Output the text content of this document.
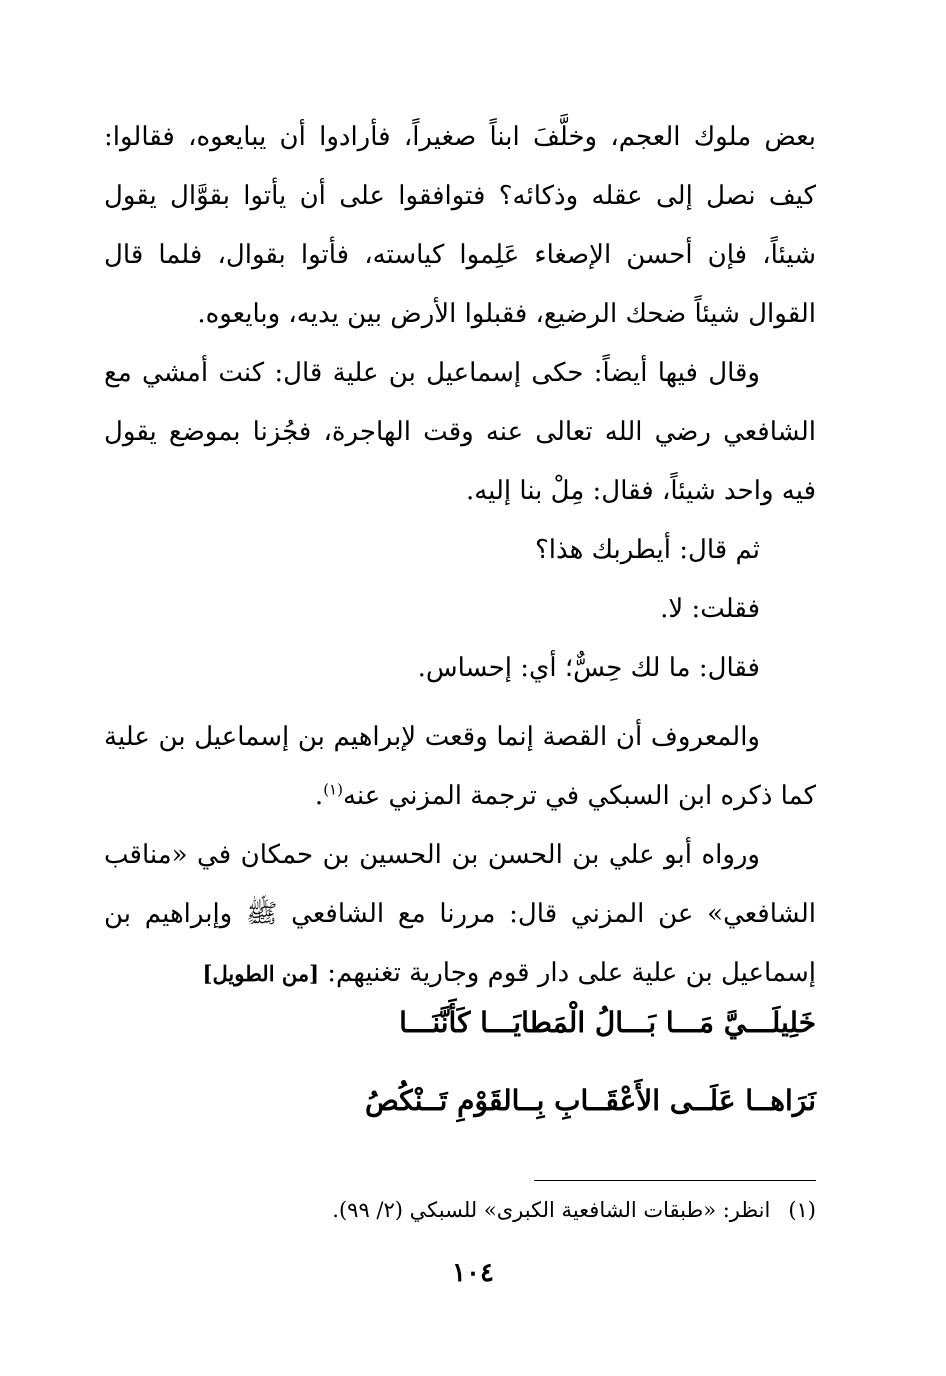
بعض ملوك العجم، وخلَّفَ ابناً صغيراً، فأرادوا أن يبايعوه، فقالوا: كيف نصل إلى عقله وذكائه؟ فتوافقوا على أن يأتوا بقوَّال يقول شيئاً، فإن أحسن الإصغاء عَلِموا كياسته، فأتوا بقوال، فلما قال القوال شيئاً ضحك الرضيع، فقبلوا الأرض بين يديه، وبايعوه.

وقال فيها أيضاً: حكى إسماعيل بن علية قال: كنت أمشي مع الشافعي رضي الله تعالى عنه وقت الهاجرة، فجُزنا بموضع يقول فيه واحد شيئاً، فقال: مِلْ بنا إليه.

ثم قال: أيطربك هذا؟

فقلت: لا.

فقال: ما لك حِسٌّ؛ أي: إحساس.

والمعروف أن القصة إنما وقعت لإبراهيم بن إسماعيل بن علية كما ذكره ابن السبكي في ترجمة المزني عنه$^{(١)}$.

ورواه أبو علي بن الحسن بن الحسين بن حمكان في «مناقب الشافعي» عن المزني قال: مررنا مع الشافعي ﷺ وإبراهيم بن إسماعيل بن علية على دار قوم وجارية تغنيهم: [من الطويل]

خَلِيلَـــيَّ مَـــا بَـــالُ الْمَطايَـــا كَأَنَّنَـــا
نَرَاهــا عَلَــى الأَعْقَــابِ بِــالقَوْمِ تَــنْكُصُ
(١)انظر: «طبقات الشافعية الكبرى» للسبكي (٢/ ٩٩).
١٠٤
